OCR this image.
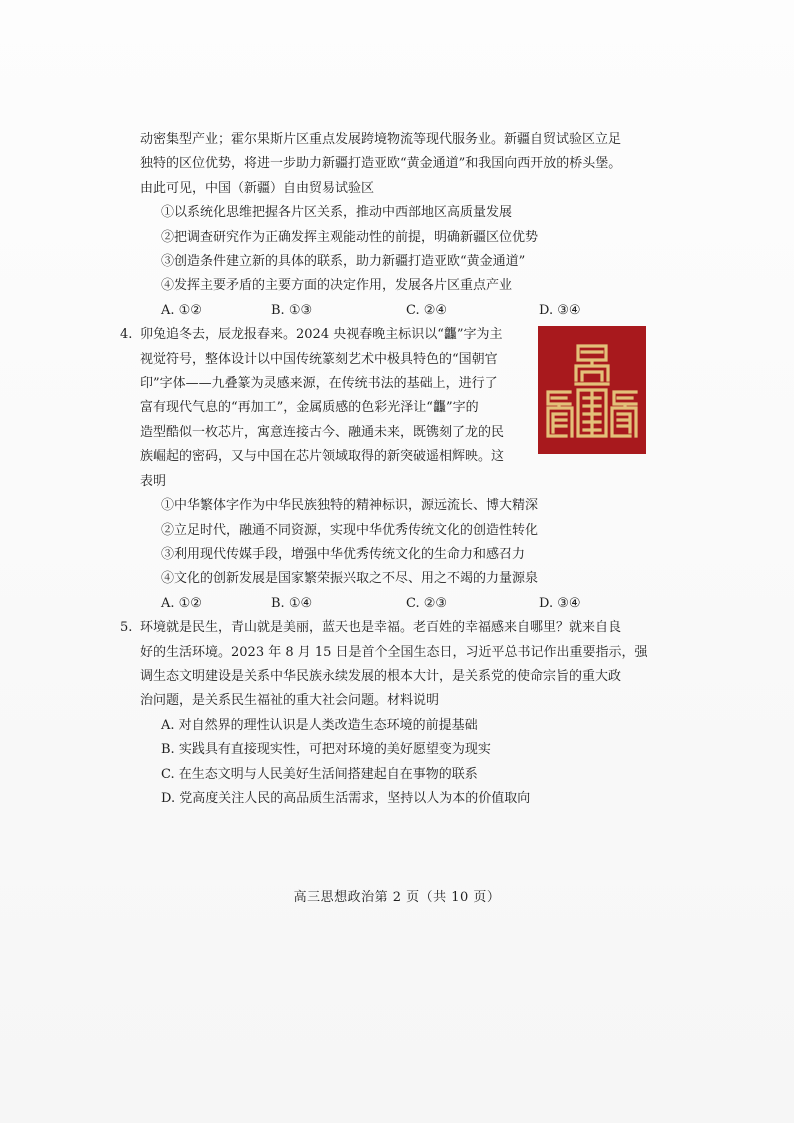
动密集型产业；霍尔果斯片区重点发展跨境物流等现代服务业。新疆自贸试验区立足
独特的区位优势，将进一步助力新疆打造亚欧“黄金通道”和我国向西开放的桥头堡。
由此可见，中国（新疆）自由贸易试验区
①以系统化思维把握各片区关系，推动中西部地区高质量发展
②把调查研究作为正确发挥主观能动性的前提，明确新疆区位优势
③创造条件建立新的具体的联系，助力新疆打造亚欧“黄金通道”
④发挥主要矛盾的主要方面的决定作用，发展各片区重点产业
A. ①②	B. ①③	C. ②④	D. ③④
4. 卯兔追冬去，辰龙报春来。2024 央视春晚主标识以“龘”字为主
视觉符号，整体设计以中国传统篆刻艺术中极具特色的“国朝官
印”字体——九叠篆为灵感来源，在传统书法的基础上，进行了
富有现代气息的“再加工”，金属质感的色彩光泽让“龘”字的
造型酷似一枚芯片，寓意连接古今、融通未来，既镌刻了龙的民
族崛起的密码，又与中国在芯片领域取得的新突破遥相辉映。这
表明
①中华繁体字作为中华民族独特的精神标识，源远流长、博大精深
②立足时代，融通不同资源，实现中华优秀传统文化的创造性转化
③利用现代传媒手段，增强中华优秀传统文化的生命力和感召力
④文化的创新发展是国家繁荣振兴取之不尽、用之不竭的力量源泉
A. ①②	B. ①④	C. ②③	D. ③④
5. 环境就是民生，青山就是美丽，蓝天也是幸福。老百姓的幸福感来自哪里？就来自良
好的生活环境。2023 年 8 月 15 日是首个全国生态日，习近平总书记作出重要指示，强
调生态文明建设是关系中华民族永续发展的根本大计，是关系党的使命宗旨的重大政
治问题，是关系民生福祉的重大社会问题。材料说明
A. 对自然界的理性认识是人类改造生态环境的前提基础
B. 实践具有直接现实性，可把对环境的美好愿望变为现实
C. 在生态文明与人民美好生活间搭建起自在事物的联系
D. 党高度关注人民的高品质生活需求，坚持以人为本的价值取向
高三思想政治第 2 页（共 10 页）
